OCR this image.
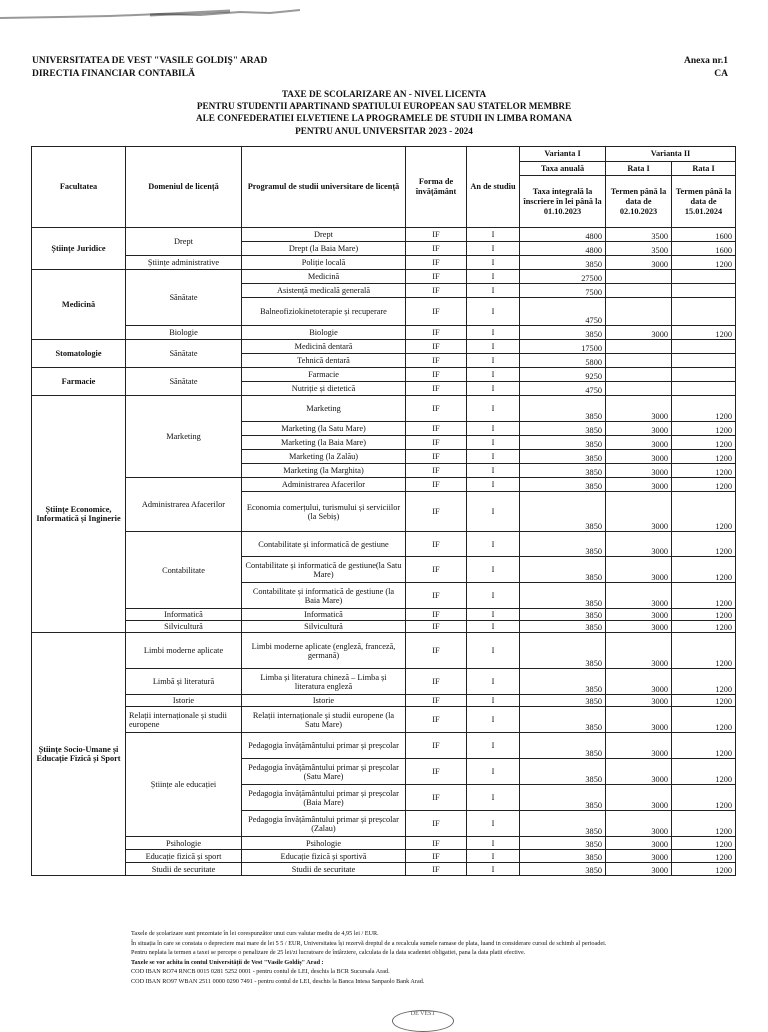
UNIVERSITATEA DE VEST "VASILE GOLDIŞ" ARAD
DIRECTIA FINANCIAR CONTABILĂ
Anexa nr.1
CA
TAXE DE SCOLARIZARE AN - NIVEL LICENTA
PENTRU STUDENTII APARTINAND SPATIULUI EUROPEAN SAU STATELOR MEMBRE
ALE CONFEDERATIEI ELVETIENE LA PROGRAMELE DE STUDII IN LIMBA ROMANA
PENTRU ANUL UNIVERSITAR 2023 - 2024
Facultatea	Domeniul de licență	Programul de studii universitare de licență	Forma de învățământ	An de studiu	Varianta I	Varianta II	
					Taxa anuală	Rata I	Rata I
					Taxa integrală la înscriere în lei până la 01.10.2023	Termen până la data de 02.10.2023	Termen până la data de 15.01.2024
Științe Juridice	Drept	Drept	IF	I	4800	3500	1600
		Drept (la Baia Mare)	IF	I	4800	3500	1600
	Științe administrative	Poliție locală	IF	I	3850	3000	1200
Medicină	Sănătate	Medicină	IF	I	27500		
		Asistență medicală generală	IF	I	7500		
		Balneofiziokinetoterapie și recuperare	IF	I	4750		
	Biologie	Biologie	IF	I	3850	3000	1200
Stomatologie	Sănătate	Medicină dentară	IF	I	17500		
		Tehnică dentară	IF	I	5800		
Farmacie	Sănătate	Farmacie	IF	I	9250		
		Nutriție și dietetică	IF	I	4750		
Științe Economice, Informatică și Inginerie	Marketing	Marketing	IF	I	3850	3000	1200
		Marketing (la Satu Mare)	IF	I	3850	3000	1200
		Marketing (la Baia Mare)	IF	I	3850	3000	1200
		Marketing (la Zalău)	IF	I	3850	3000	1200
		Marketing (la Marghita)	IF	I	3850	3000	1200
	Administrarea Afacerilor	Administrarea Afacerilor	IF	I	3850	3000	1200
		Economia comerțului, turismului și serviciilor (la Sebiș)	IF	I	3850	3000	1200
	Contabilitate	Contabilitate și informatică de gestiune	IF	I	3850	3000	1200
		Contabilitate și informatică de gestiune(la Satu Mare)	IF	I	3850	3000	1200
		Contabilitate și informatică de gestiune (la Baia Mare)	IF	I	3850	3000	1200
	Informatică	Informatică	IF	I	3850	3000	1200
	Silvicultură	Silvicultură	IF	I	3850	3000	1200
Științe Socio-Umane și Educație Fizică și Sport	Limbi moderne aplicate	Limbi moderne aplicate (engleză, franceză, germană)	IF	I	3850	3000	1200
	Limbă și literatură	Limba și literatura chineză – Limba și literatura engleză	IF	I	3850	3000	1200
	Istorie	Istorie	IF	I	3850	3000	1200
	Relații internaționale și studii europene	Relații internaționale și studii europene (la Satu Mare)	IF	I	3850	3000	1200
	Științe ale educației	Pedagogia învățământului primar și preșcolar	IF	I	3850	3000	1200
		Pedagogia învățământului primar și preșcolar (Satu Mare)	IF	I	3850	3000	1200
		Pedagogia învățământului primar și preșcolar (Baia Mare)	IF	I	3850	3000	1200
		Pedagogia învățământului primar și preșcolar (Zalau)	IF	I	3850	3000	1200
	Psihologie	Psihologie	IF	I	3850	3000	1200
	Educație fizică și sport	Educație fizică și sportivă	IF	I	3850	3000	1200
	Studii de securitate	Studii de securitate	IF	I	3850	3000	1200
Taxele de școlarizare sunt prezentate în lei corespunzător unui curs valutar mediu de 4,95 lei / EUR.
În situația în care se constata o depreciere mai mare de lei 5 5 / EUR, Universitatea își rezervă dreptul de a recalcula sumele ramase de plata, luand in considerare cursul de schimb al perioadei.
Pentru neplata la termen a taxei se percepe o penalizare de 25 lei/zi lucratoare de întârziere, calculata de la data scadentei obligatiei, pana la data platii efective.
Taxele se vor achita în contul Universității de Vest "Vasile Goldiș" Arad :
COD IBAN RO74 RNCB 0015 0281 5252 0001 - pentru contul de LEI, deschis la BCR Sucursala Arad.
COD IBAN RO97 WBAN 2511 0000 0290 7491 - pentru contul de LEI, deschis la Banca Intesa Sanpaolo Bank Arad.
DE VEST
